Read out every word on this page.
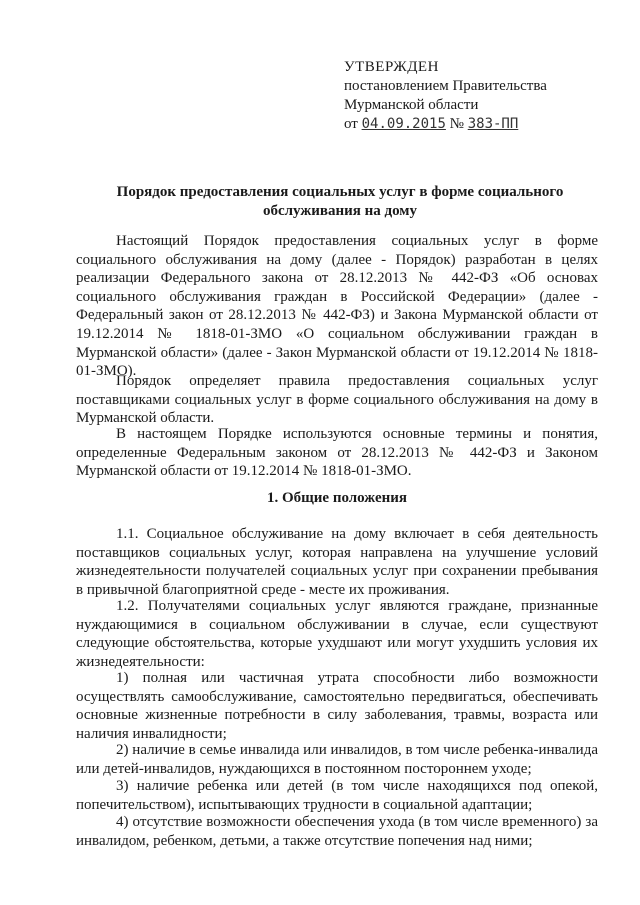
УТВЕРЖДЕН
постановлением Правительства
Мурманской области
от 04.09.2015 № 383-ПП
Порядок предоставления социальных услуг в форме социального
обслуживания на дому

Настоящий Порядок предоставления социальных услуг в форме социального обслуживания на дому (далее - Порядок) разработан в целях реализации Федерального закона от 28.12.2013 № 442-ФЗ «Об основах социального обслуживания граждан в Российской Федерации» (далее - Федеральный закон от 28.12.2013 № 442-ФЗ) и Закона Мурманской области от 19.12.2014 № 1818-01-ЗМО «О социальном обслуживании граждан в Мурманской области» (далее - Закон Мурманской области от 19.12.2014 № 1818-01-ЗМО).

Порядок определяет правила предоставления социальных услуг поставщиками социальных услуг в форме социального обслуживания на дому в Мурманской области.

В настоящем Порядке используются основные термины и понятия, определенные Федеральным законом от 28.12.2013 № 442-ФЗ и Законом Мурманской области от 19.12.2014 № 1818-01-ЗМО.

1. Общие положения

1.1. Социальное обслуживание на дому включает в себя деятельность поставщиков социальных услуг, которая направлена на улучшение условий жизнедеятельности получателей социальных услуг при сохранении пребывания в привычной благоприятной среде - месте их проживания.

1.2. Получателями социальных услуг являются граждане, признанные нуждающимися в социальном обслуживании в случае, если существуют следующие обстоятельства, которые ухудшают или могут ухудшить условия их жизнедеятельности:

1) полная или частичная утрата способности либо возможности осуществлять самообслуживание, самостоятельно передвигаться, обеспечивать основные жизненные потребности в силу заболевания, травмы, возраста или наличия инвалидности;

2) наличие в семье инвалида или инвалидов, в том числе ребенка-инвалида или детей-инвалидов, нуждающихся в постоянном постороннем уходе;

3) наличие ребенка или детей (в том числе находящихся под опекой, попечительством), испытывающих трудности в социальной адаптации;

4) отсутствие возможности обеспечения ухода (в том числе временного) за инвалидом, ребенком, детьми, а также отсутствие попечения над ними;
